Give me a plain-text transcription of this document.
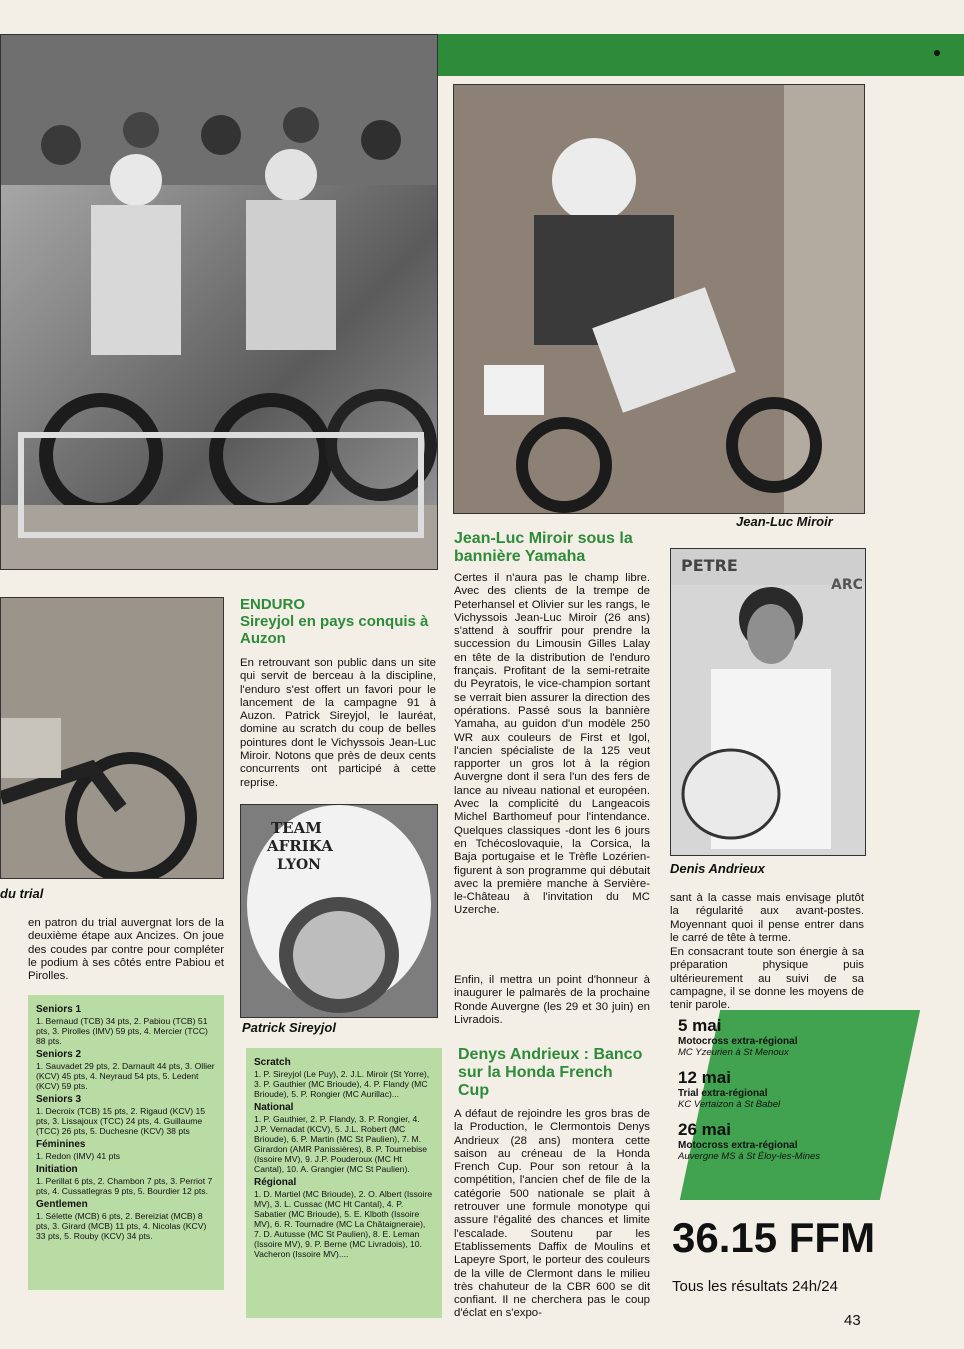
Jean-Luc Miroir
du trial
en patron du trial auvergnat lors de la deuxième étape aux Ancizes. On joue des coudes par contre pour compléter le podium à ses côtés entre Pabiou et Pirolles.
Seniors 1

1. Bernaud (TCB) 34 pts, 2. Pabiou (TCB) 51 pts, 3. Pirolles (IMV) 59 pts, 4. Mercier (TCC) 88 pts.

Seniors 2

1. Sauvadet 29 pts, 2. Darnault 44 pts, 3. Ollier (KCV) 45 pts, 4. Neyraud 54 pts, 5. Ledent (KCV) 59 pts.

Seniors 3

1. Decroix (TCB) 15 pts, 2. Rigaud (KCV) 15 pts, 3. Lissajoux (TCC) 24 pts, 4. Guillaume (TCC) 26 pts, 5. Duchesne (KCV) 38 pts

Féminines

1. Redon (IMV) 41 pts

Initiation

1. Perillat 6 pts, 2. Chambon 7 pts, 3. Perriot 7 pts, 4. Cussatlegras 9 pts, 5. Bourdier 12 pts.

Gentlemen

1. Sélette (MCB) 6 pts, 2. Bereiziat (MCB) 8 pts, 3. Girard (MCB) 11 pts, 4. Nicolas (KCV) 33 pts, 5. Rouby (KCV) 34 pts.

ENDURO
Sireyjol en pays conquis à Auzon
En retrouvant son public dans un site qui servit de berceau à la discipline, l'enduro s'est offert un favori pour le lancement de la campagne 91 à Auzon. Patrick Sireyjol, le lauréat, domine au scratch du coup de belles pointures dont le Vichyssois Jean-Luc Miroir. Notons que près de deux cents concurrents ont participé à cette reprise.
TEAM
AFRIKA
LYON
Patrick Sireyjol
Scratch

1. P. Sireyjol (Le Puy), 2. J.L. Miroir (St Yorre), 3. P. Gauthier (MC Brioude), 4. P. Flandy (MC Brioude), 5. P. Rongier (MC Aurillac)...

National

1. P. Gauthier, 2. P. Flandy, 3. P. Rongier, 4. J.P. Vernadat (KCV), 5. J.L. Robert (MC Brioude), 6. P. Martin (MC St Paulien), 7. M. Girardon (AMR Panissières), 8. P. Tournebise (Issoire MV), 9. J.P. Pouderoux (MC Ht Cantal), 10. A. Grangier (MC St Paulien).

Régional

1. D. Martiel (MC Brioude), 2. O. Albert (Issoire MV), 3. L. Cussac (MC Ht Cantal), 4. P. Sabatier (MC Brioude), 5. E. Klboth (Issoire MV), 6. R. Tournadre (MC La Châtaigneraie), 7. D. Autusse (MC St Paulien), 8. E. Leman (Issoire MV), 9. P. Berne (MC Livradois), 10. Vacheron (Issoire MV)....

Jean-Luc Miroir sous la bannière Yamaha
Certes il n'aura pas le champ libre. Avec des clients de la trempe de Peterhansel et Olivier sur les rangs, le Vichyssois Jean-Luc Miroir (26 ans) s'attend à souffrir pour prendre la succession du Limousin Gilles Lalay en tête de la distribution de l'enduro français. Profitant de la semi-retraite du Peyratois, le vice-champion sortant se verrait bien assurer la direction des opérations. Passé sous la bannière Yamaha, au guidon d'un modèle 250 WR aux couleurs de First et Igol, l'ancien spécialiste de la 125 veut rapporter un gros lot à la région Auvergne dont il sera l'un des fers de lance au niveau national et européen. Avec la complicité du Langeacois Michel Barthomeuf pour l'intendance. Quelques classiques -dont les 6 jours en Tchécoslovaquie, la Corsica, la Baja portugaise et le Trèfle Lozérien- figurent à son programme qui débutait avec la première manche à Servière-le-Château à l'invitation du MC Uzerche.
Enfin, il mettra un point d'honneur à inaugurer le palmarès de la prochaine Ronde Auvergne (les 29 et 30 juin) en Livradois.
Denys Andrieux : Banco sur la Honda French Cup
A défaut de rejoindre les gros bras de la Production, le Clermontois Denys Andrieux (28 ans) montera cette saison au créneau de la Honda French Cup. Pour son retour à la compétition, l'ancien chef de file de la catégorie 500 nationale se plait à retrouver une formule monotype qui assure l'égalité des chances et limite l'escalade. Soutenu par les Etablissements Daffix de Moulins et Lapeyre Sport, le porteur des couleurs de la ville de Clermont dans le milieu très chahuteur de la CBR 600 se dit confiant. Il ne cherchera pas le coup d'éclat en s'expo-
PETRE
ARC
Denis Andrieux
sant à la casse mais envisage plutôt la régularité aux avant-postes. Moyennant quoi il pense entrer dans le carré de tête à terme.
En consacrant toute son énergie à sa préparation physique puis ultérieurement au suivi de sa campagne, il se donne les moyens de tenir parole.
5 mai
Motocross extra-régional
MC Yzeurien à St Menoux
12 mai
Trial extra-régional
KC Vertaizon à St Babel
26 mai
Motocross extra-régional
Auvergne MS à St Éloy-les-Mines
36.15 FFM
Tous les résultats 24h/24
43
